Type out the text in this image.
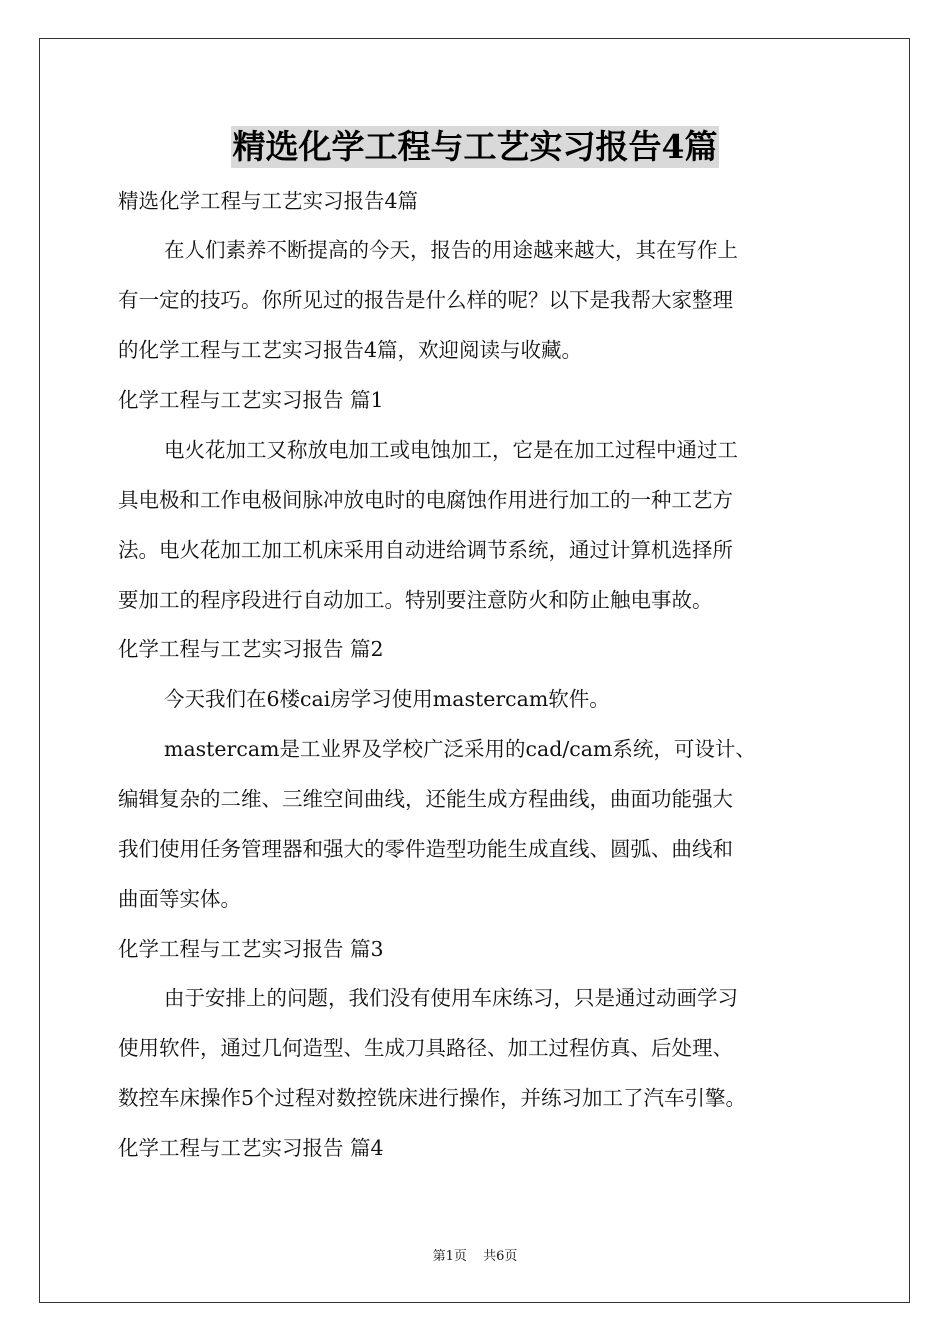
精选化学工程与工艺实习报告4篇
精选化学工程与工艺实习报告4篇
在人们素养不断提高的今天，报告的用途越来越大，其在写作上
有一定的技巧。你所见过的报告是什么样的呢？以下是我帮大家整理
的化学工程与工艺实习报告4篇，欢迎阅读与收藏。
化学工程与工艺实习报告 篇1
电火花加工又称放电加工或电蚀加工，它是在加工过程中通过工
具电极和工作电极间脉冲放电时的电腐蚀作用进行加工的一种工艺方
法。电火花加工加工机床采用自动进给调节系统，通过计算机选择所
要加工的程序段进行自动加工。特别要注意防火和防止触电事故。
化学工程与工艺实习报告 篇2
今天我们在6楼cai房学习使用mastercam软件。
mastercam是工业界及学校广泛采用的cad/cam系统，可设计、
编辑复杂的二维、三维空间曲线，还能生成方程曲线，曲面功能强大
我们使用任务管理器和强大的零件造型功能生成直线、圆弧、曲线和
曲面等实体。
化学工程与工艺实习报告 篇3
由于安排上的问题，我们没有使用车床练习，只是通过动画学习
使用软件，通过几何造型、生成刀具路径、加工过程仿真、后处理、
数控车床操作5个过程对数控铣床进行操作，并练习加工了汽车引擎。
化学工程与工艺实习报告 篇4
第1页 共6页
